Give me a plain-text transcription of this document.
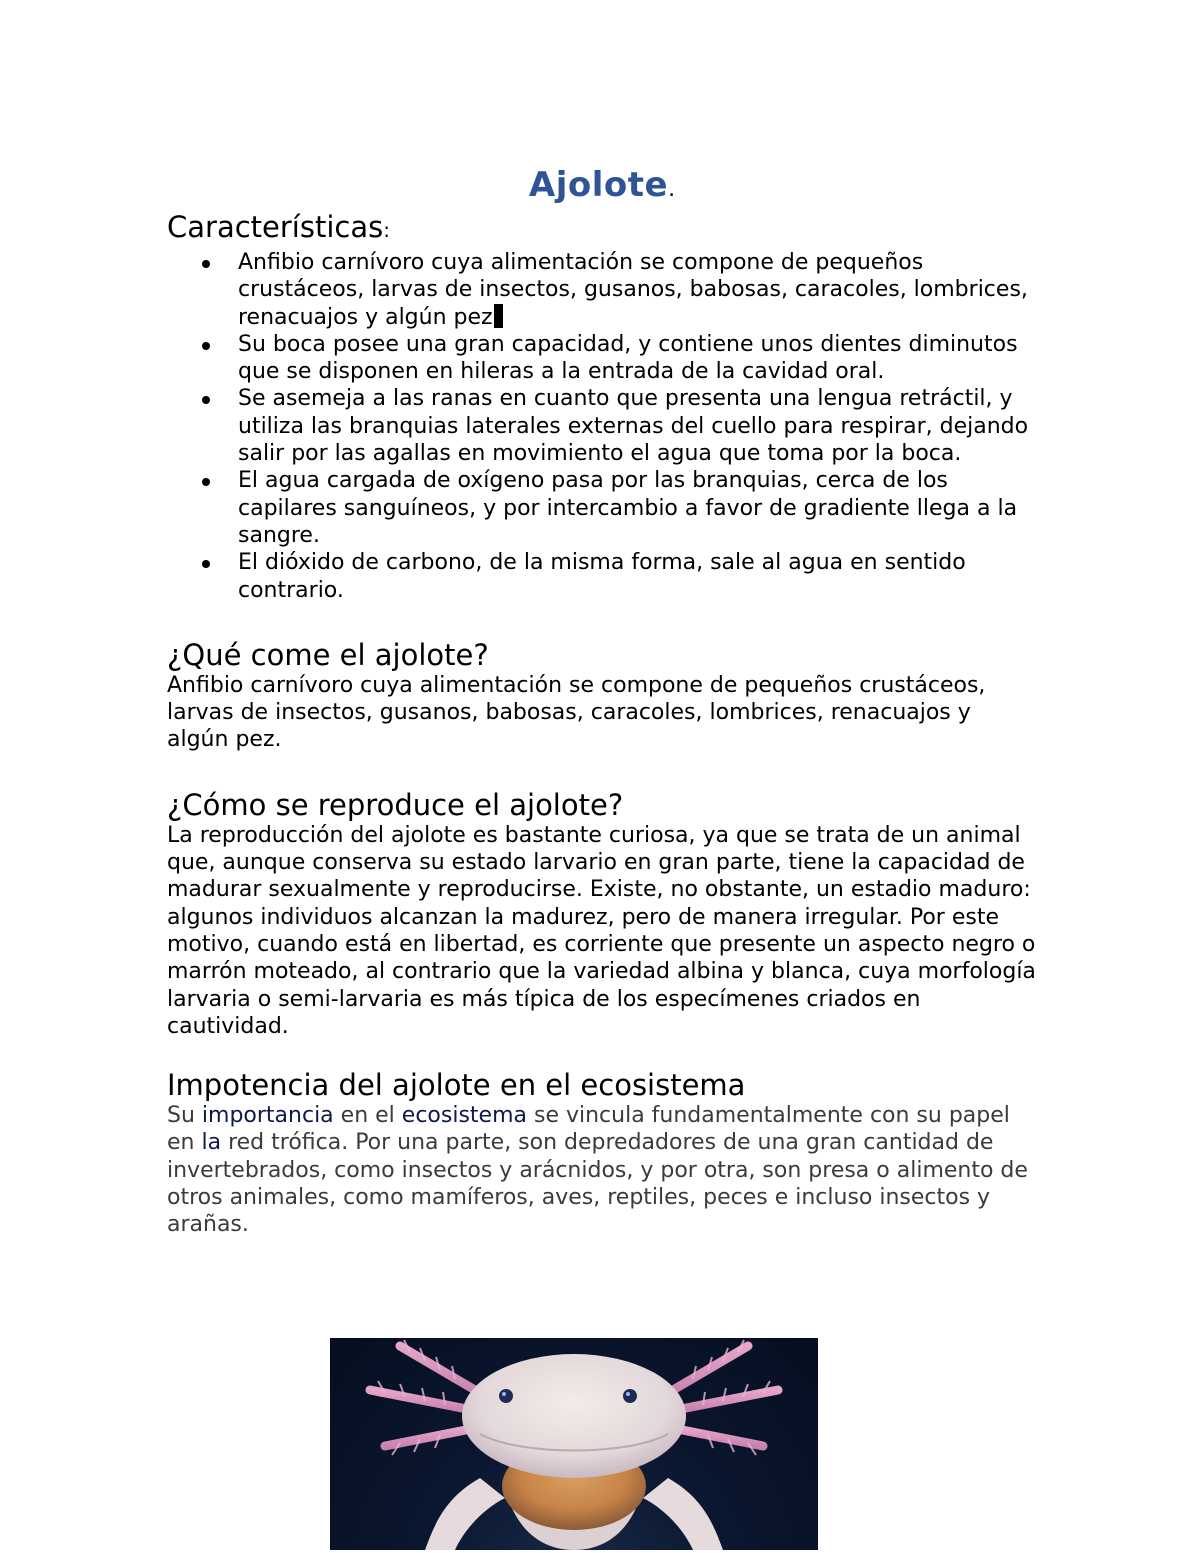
Ajolote.
Características:
Anfibio carnívoro cuya alimentación se compone de pequeños crustáceos, larvas de insectos, gusanos, babosas, caracoles, lombrices, renacuajos y algún pez
Su boca posee una gran capacidad, y contiene unos dientes diminutos que se disponen en hileras a la entrada de la cavidad oral.
Se asemeja a las ranas en cuanto que presenta una lengua retráctil, y utiliza las branquias laterales externas del cuello para respirar, dejando salir por las agallas en movimiento el agua que toma por la boca.
El agua cargada de oxígeno pasa por las branquias, cerca de los capilares sanguíneos, y por intercambio a favor de gradiente llega a la sangre.
El dióxido de carbono, de la misma forma, sale al agua en sentido contrario.
¿Qué come el ajolote?

Anfibio carnívoro cuya alimentación se compone de pequeños crustáceos, larvas de insectos, gusanos, babosas, caracoles, lombrices, renacuajos y algún pez.

¿Cómo se reproduce el ajolote?

La reproducción del ajolote es bastante curiosa, ya que se trata de un animal que, aunque conserva su estado larvario en gran parte, tiene la capacidad de madurar sexualmente y reproducirse. Existe, no obstante, un estadio maduro: algunos individuos alcanzan la madurez, pero de manera irregular. Por este motivo, cuando está en libertad, es corriente que presente un aspecto negro o marrón moteado, al contrario que la variedad albina y blanca, cuya morfología larvaria o semi-larvaria es más típica de los especímenes criados en cautividad.

Impotencia del ajolote en el ecosistema

Su importancia en el ecosistema se vincula fundamentalmente con su papel en la red trófica. Por una parte, son depredadores de una gran cantidad de invertebrados, como insectos y arácnidos, y por otra, son presa o alimento de otros animales, como mamíferos, aves, reptiles, peces e incluso insectos y arañas.
